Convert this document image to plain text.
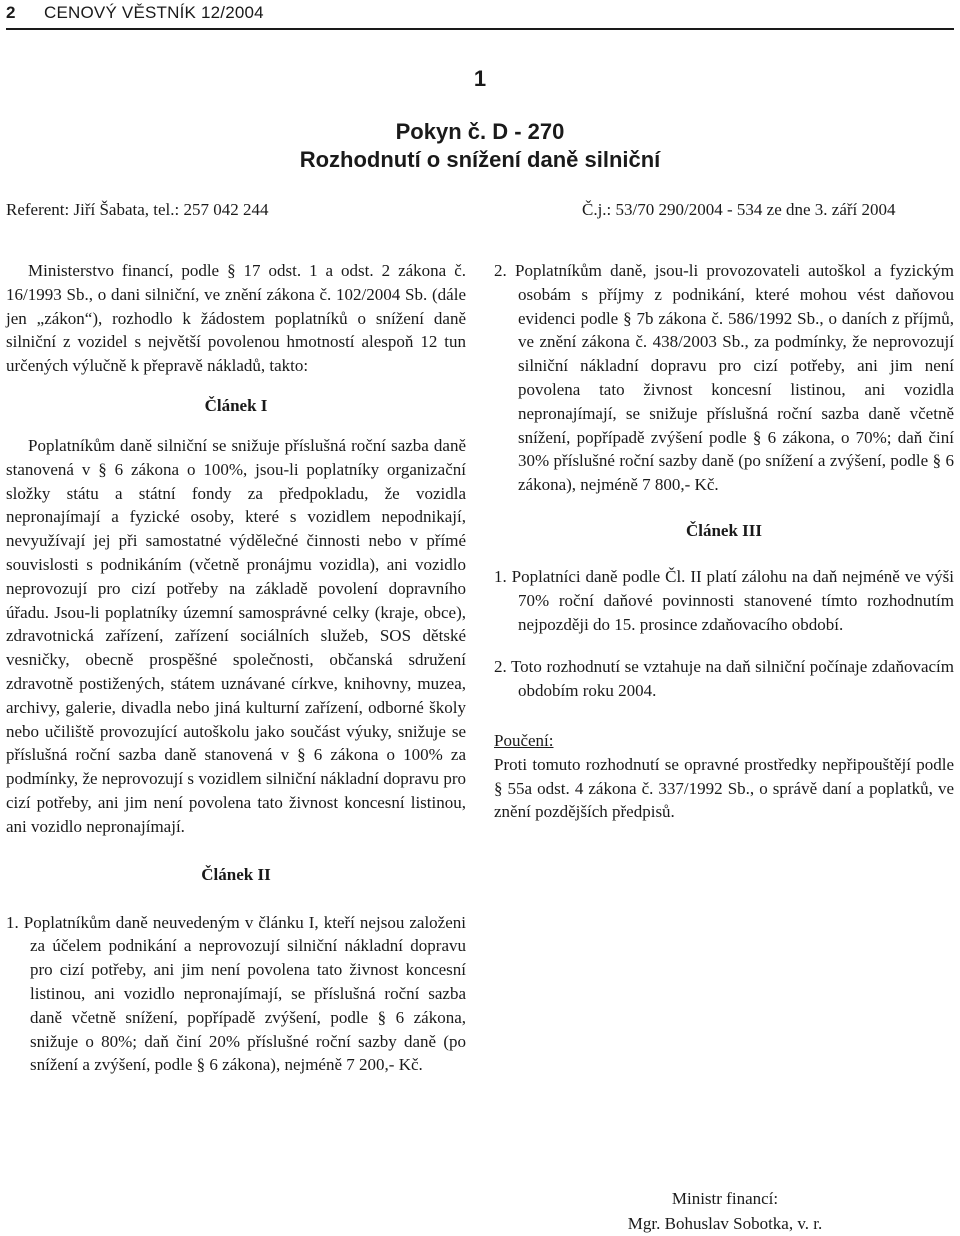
2 CENOVÝ VĚSTNÍK 12/2004
1
Pokyn č. D - 270
Rozhodnutí o snížení daně silniční
Referent: Jiří Šabata, tel.: 257 042 244	Č.j.: 53/70 290/2004 - 534 ze dne 3. září 2004

Ministerstvo financí, podle § 17 odst. 1 a odst. 2 zákona č. 16/1993 Sb., o dani silniční, ve znění zákona č. 102/2004 Sb. (dále jen „zákon“), rozhodlo k žádostem poplatníků o snížení daně silniční z vozidel s největší povolenou hmotností alespoň 12 tun určených výlučně k přepravě nákladů, takto:

Článek I

Poplatníkům daně silniční se snižuje příslušná roční sazba daně stanovená v § 6 zákona o 100%, jsou-li poplatníky organizační složky státu a státní fondy za předpokladu, že vozidla nepronajímají a fyzické osoby, které s vozidlem nepodnikají, nevyužívají jej při samostatné výdělečné činnosti nebo v přímé souvislosti s podnikáním (včetně pronájmu vozidla), ani vozidlo neprovozují pro cizí potřeby na základě povolení dopravního úřadu. Jsou-li poplatníky územní samosprávné celky (kraje, obce), zdravotnická zařízení, zařízení sociálních služeb, SOS dětské vesničky, obecně prospěšné společnosti, občanská sdružení zdravotně postižených, státem uznávané církve, knihovny, muzea, archivy, galerie, divadla nebo jiná kulturní zařízení, odborné školy nebo učiliště provozující autoškolu jako součást výuky, snižuje se příslušná roční sazba daně stanovená v § 6 zákona o 100% za podmínky, že neprovozují s vozidlem silniční nákladní dopravu pro cizí potřeby, ani jim není povolena tato živnost koncesní listinou, ani vozidlo nepronajímají.

Článek II

1. Poplatníkům daně neuvedeným v článku I, kteří nejsou založeni za účelem podnikání a neprovozují silniční nákladní dopravu pro cizí potřeby, ani jim není povolena tato živnost koncesní listinou, ani vozidlo nepronajímají, se příslušná roční sazba daně včetně snížení, popřípadě zvýšení, podle § 6 zákona, snižuje o 80%; daň činí 20% příslušné roční sazby daně (po snížení a zvýšení, podle § 6 zákona), nejméně 7 200,- Kč.

2. Poplatníkům daně, jsou-li provozovateli autoškol a fyzickým osobám s příjmy z podnikání, které mohou vést daňovou evidenci podle § 7b zákona č. 586/1992 Sb., o daních z příjmů, ve znění zákona č. 438/2003 Sb., za podmínky, že neprovozují silniční nákladní dopravu pro cizí potřeby, ani jim není povolena tato živnost koncesní listinou, ani vozidla nepronajímají, se snižuje příslušná roční sazba daně včetně snížení, popřípadě zvýšení podle § 6 zákona, o 70%; daň činí 30% příslušné roční sazby daně (po snížení a zvýšení, podle § 6 zákona), nejméně 7 800,- Kč.

Článek III

1. Poplatníci daně podle Čl. II platí zálohu na daň nejméně ve výši 70% roční daňové povinnosti stanovené tímto rozhodnutím nejpozději do 15. prosince zdaňovacího období.

2. Toto rozhodnutí se vztahuje na daň silniční počínaje zdaňovacím obdobím roku 2004.

Poučení:

Proti tomuto rozhodnutí se opravné prostředky nepřipouštějí podle § 55a odst. 4 zákona č. 337/1992 Sb., o správě daní a poplatků, ve znění pozdějších předpisů.

Ministr financí:
Mgr. Bohuslav Sobotka, v. r.
